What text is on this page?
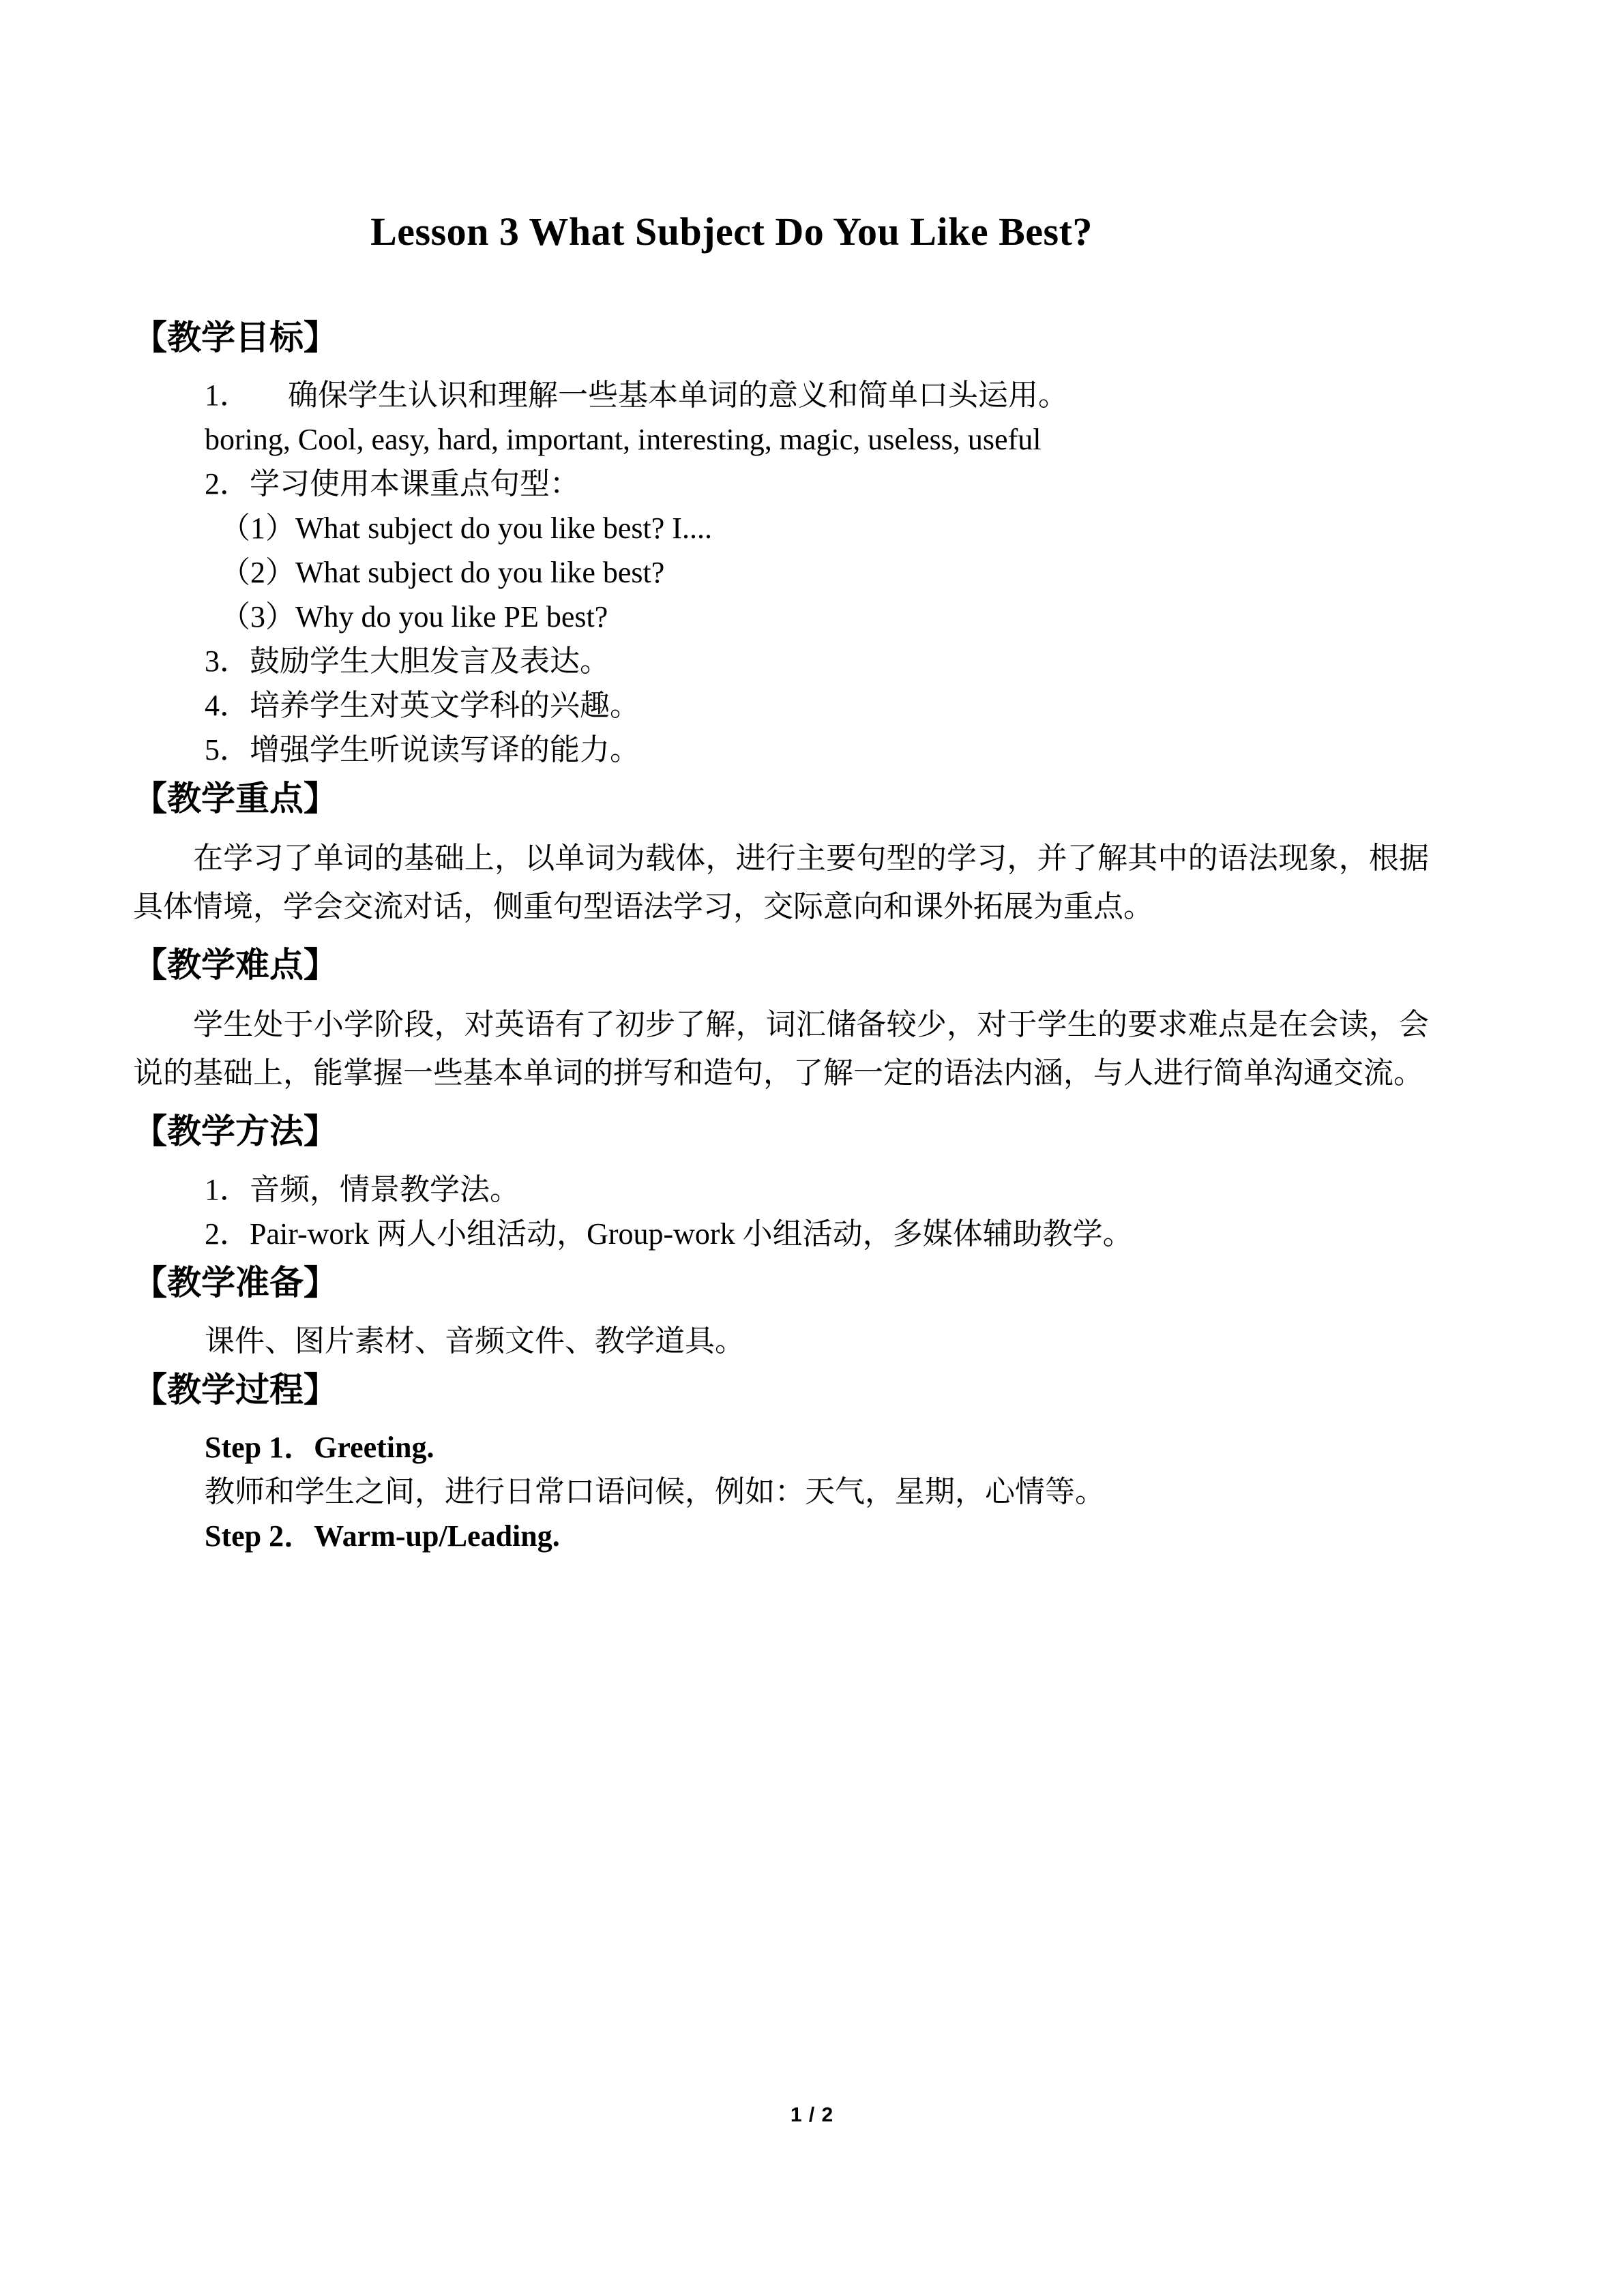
Lesson 3 What Subject Do You Like Best?
【教学目标】
1． 确保学生认识和理解一些基本单词的意义和简单口头运用。
boring, Cool, easy, hard, important, interesting, magic, useless, useful
2．学习使用本课重点句型：
（1）What subject do you like best? I....
（2）What subject do you like best?
（3）Why do you like PE best?
3．鼓励学生大胆发言及表达。
4．培养学生对英文学科的兴趣。
5．增强学生听说读写译的能力。
【教学重点】
在学习了单词的基础上，以单词为载体，进行主要句型的学习，并了解其中的语法现象，根据具体情境，学会交流对话，侧重句型语法学习，交际意向和课外拓展为重点。
【教学难点】
学生处于小学阶段，对英语有了初步了解，词汇储备较少，对于学生的要求难点是在会读，会说的基础上，能掌握一些基本单词的拼写和造句，了解一定的语法内涵，与人进行简单沟通交流。
【教学方法】
1．音频，情景教学法。
2．Pair-work 两人小组活动，Group-work 小组活动，多媒体辅助教学。
【教学准备】
课件、图片素材、音频文件、教学道具。
【教学过程】
Step 1．Greeting.
教师和学生之间，进行日常口语问候，例如：天气，星期，心情等。
Step 2．Warm-up/Leading.
1 / 2
